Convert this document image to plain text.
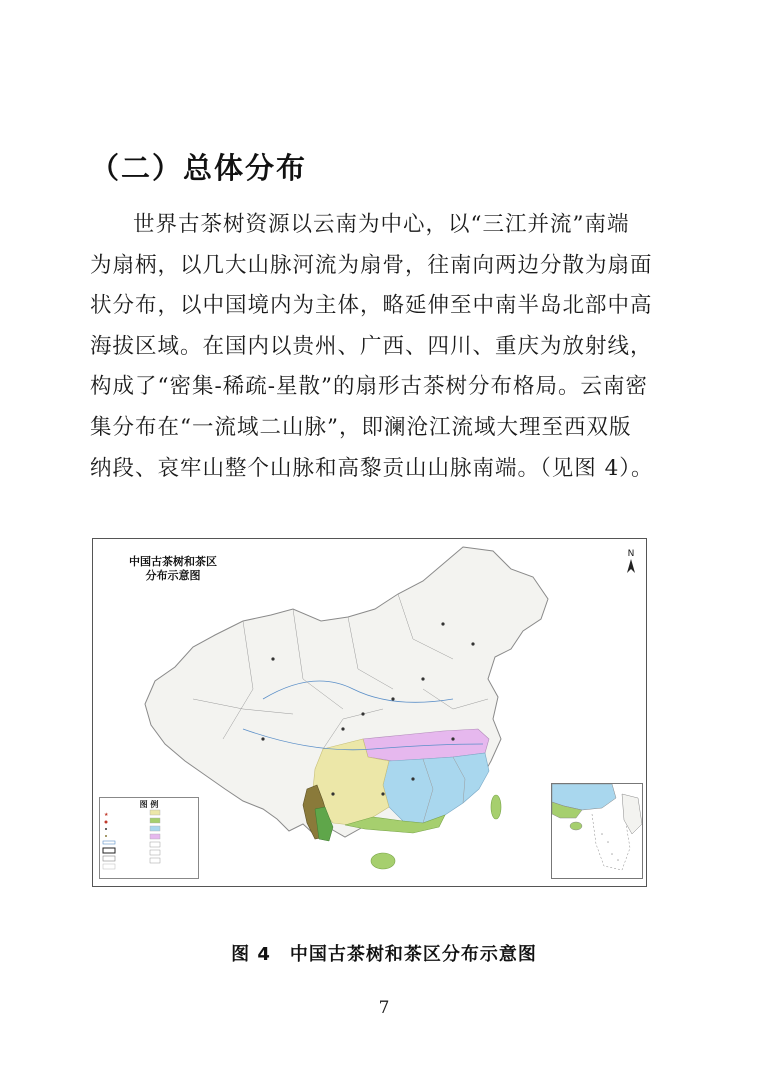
（二）总体分布

世界古茶树资源以云南为中心，以“三江并流”南端
为扇柄，以几大山脉河流为扇骨，往南向两边分散为扇面
状分布，以中国境内为主体，略延伸至中南半岛北部中高
海拔区域。在国内以贵州、广西、四川、重庆为放射线，
构成了“密集-稀疏-星散”的扇形古茶树分布格局。云南密
集分布在“一流域二山脉”，即澜沧江流域大理至西双版
纳段、哀牢山整个山脉和高黎贡山山脉南端。（见图 4）。

中国古茶树和茶区
分布示意图
N
图 例
★
图 4　中国古茶树和茶区分布示意图
7
